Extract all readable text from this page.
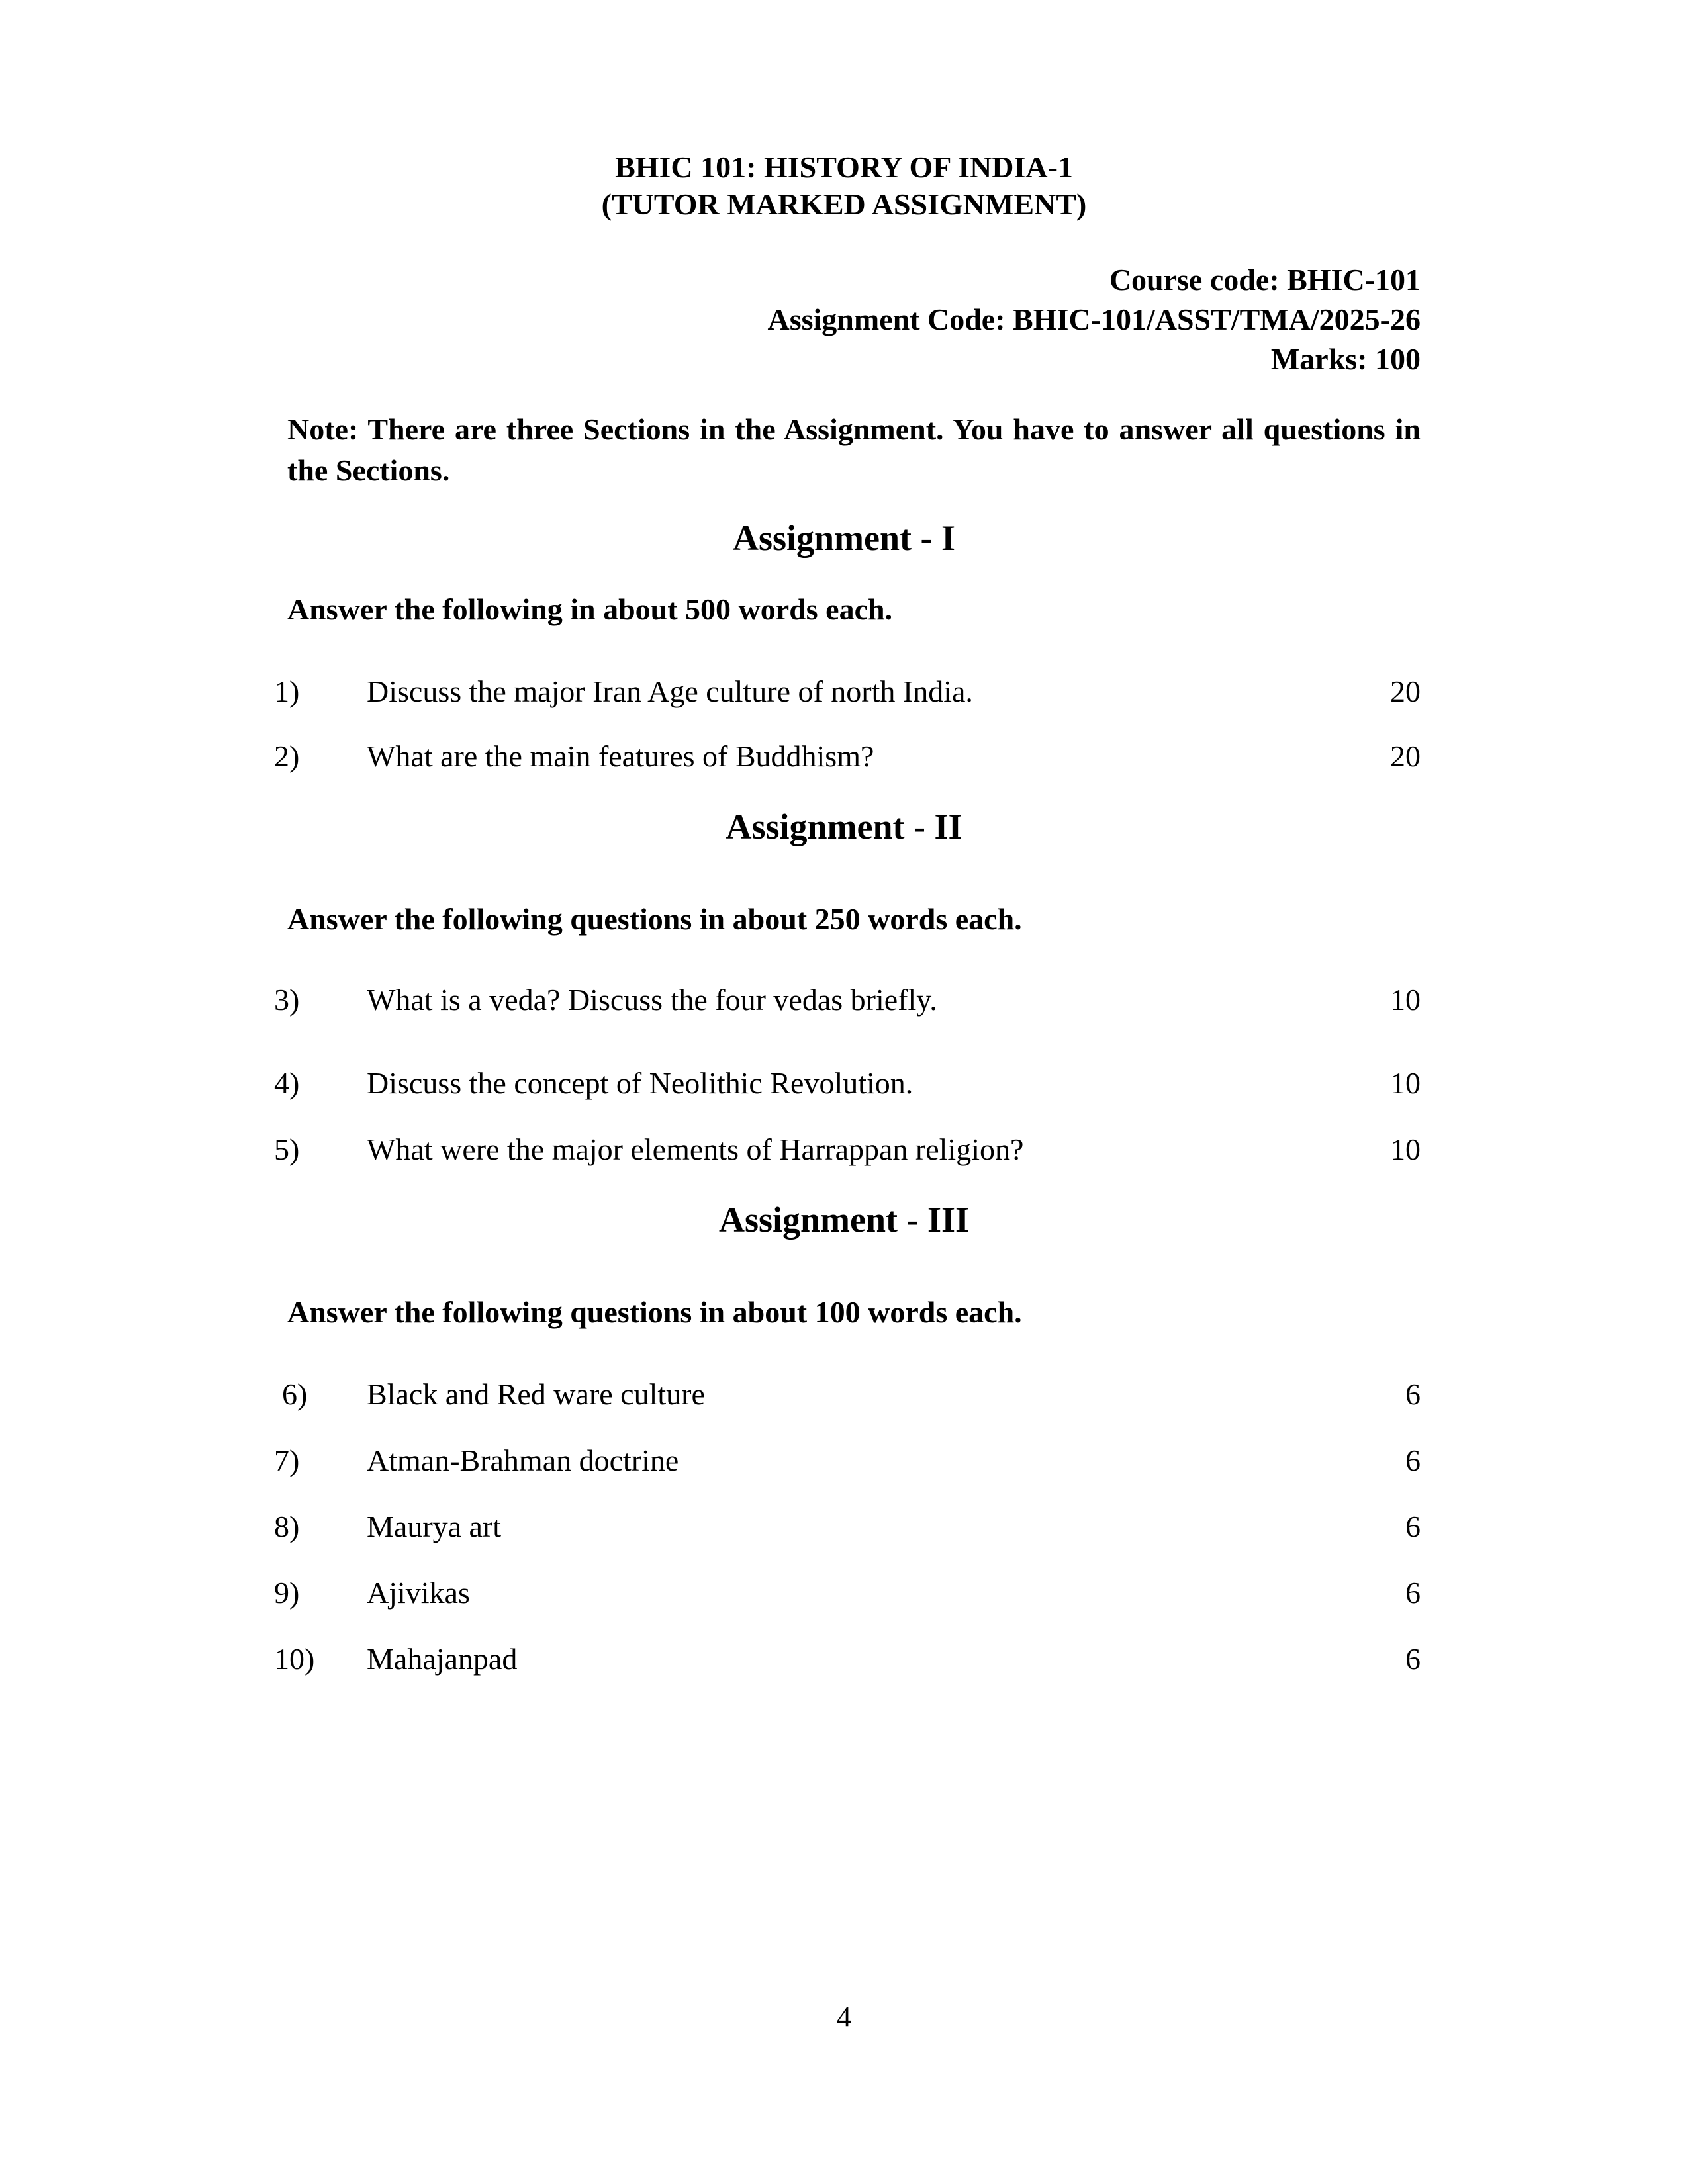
BHIC 101: HISTORY OF INDIA-1
(TUTOR MARKED ASSIGNMENT)
Course code: BHIC-101
Assignment Code: BHIC-101/ASST/TMA/2025-26
Marks: 100
Note: There are three Sections in the Assignment. You have to answer all questions in the Sections.
Assignment - I
Answer the following in about 500 words each.
1) Discuss the major Iran Age culture of north India.	20
2) What are the main features of Buddhism?	20
Assignment - II
Answer the following questions in about 250 words each.
3) What is a veda? Discuss the four vedas briefly.	10
4) Discuss the concept of Neolithic Revolution.	10
5) What were the major elements of Harrappan religion?	10
Assignment - III
Answer the following questions in about 100 words each.
6) Black and Red ware culture	6
7) Atman-Brahman doctrine	6
8) Maurya art	6
9) Ajivikas	6
10) Mahajanpad	6
4
